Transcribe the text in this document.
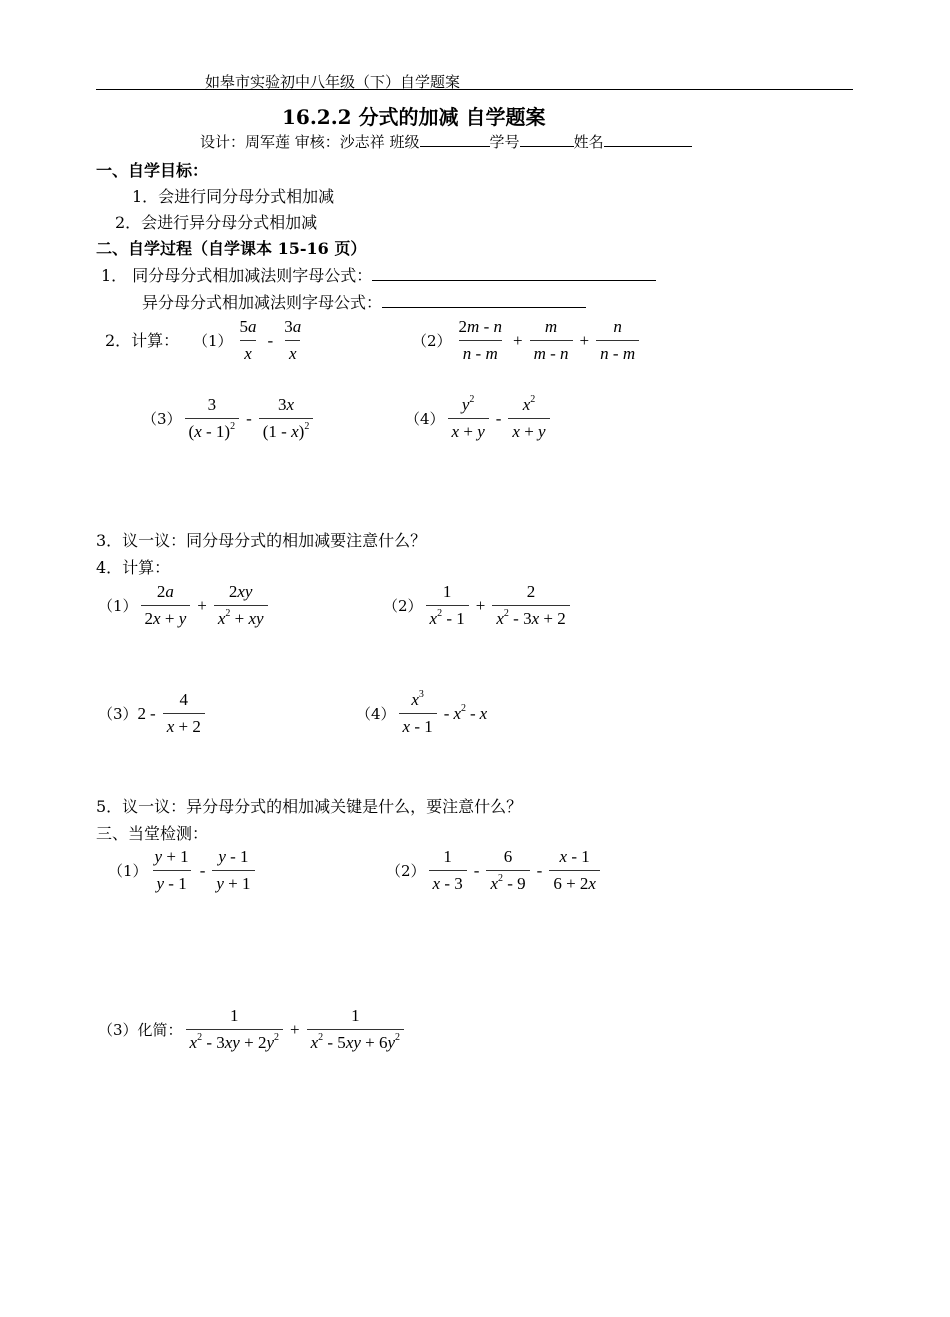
如皋市实验初中八年级（下）自学题案
16.2.2 分式的加减 自学题案
设计：周军莲 审核：沙志祥 班级	学号	姓名
一、自学目标：
1．会进行同分母分式相加减
2．会进行异分母分式相加减
二、自学过程（自学课本 15-16 页）
1． 同分母分式相加减法则字母公式：
异分母分式相加减法则字母公式：
2．计算： $(1) \frac{5a}{x} - \frac{3a}{x}$	$(2) \frac{2m - n}{n - m} + \frac{m}{m - n} + \frac{n}{n - m}$
$(3) \frac{3}{(x - 1)^2} - \frac{3x}{(1 - x)^2}$	$(4) \frac{y^2}{x + y} - \frac{x^2}{x + y}$
3．议一议：同分母分式的相加减要注意什么？
4．计算：
$(1) \frac{2a}{2x + y} + \frac{2xy}{x^2 + xy}$	$(2) \frac{1}{x^2 - 1} + \frac{2}{x^2 - 3x + 2}$
（3） $2 - \frac{4}{x + 2}$	$(4) \frac{x^3}{x - 1} - x^2$ - x
5．议一议：异分母分式的相加减关键是什么，要注意什么？
三、当堂检测：
$(1) \frac{y + 1}{y - 1} - \frac{y - 1}{y + 1}$	$(2) \frac{1}{x - 3} - \frac{6}{x^2 - 9} - \frac{x - 1}{6 + 2x}$
（3）化简： $\frac{1}{x^2 - 3xy + 2y^2} + \frac{1}{x^2 - 5xy + 6y^2}$
